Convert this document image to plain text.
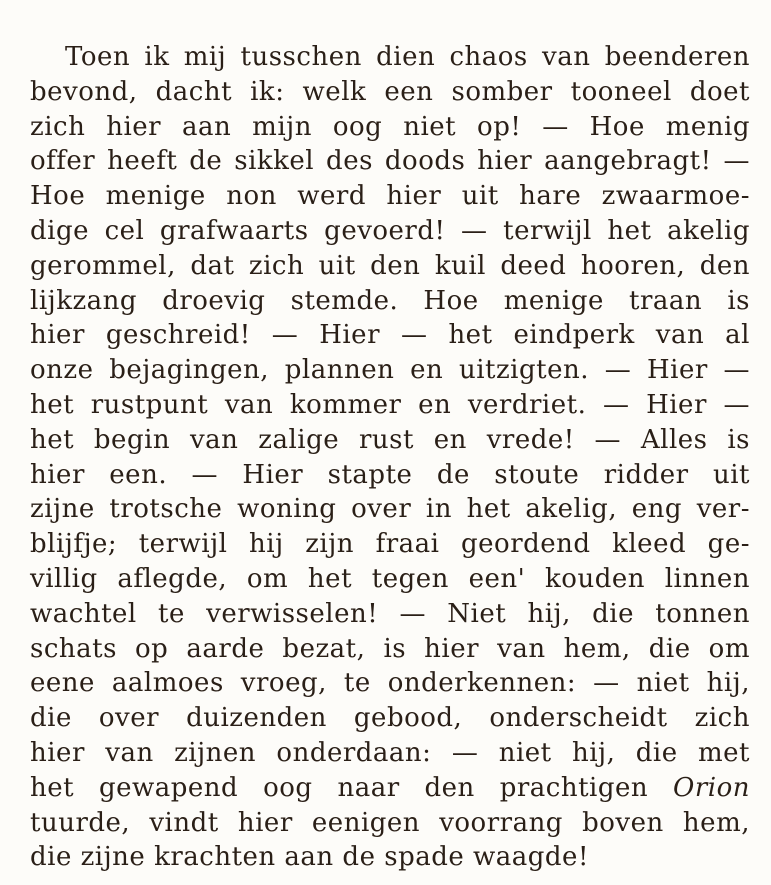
Toen ik mij tusschen dien chaos van beenderen
bevond, dacht ik: welk een somber tooneel doet
zich hier aan mijn oog niet op! — Hoe menig
offer heeft de sikkel des doods hier aangebragt! —
Hoe menige non werd hier uit hare zwaarmoe-
dige cel grafwaarts gevoerd! — terwijl het akelig
gerommel, dat zich uit den kuil deed hooren, den
lijkzang droevig stemde. Hoe menige traan is
hier geschreid! — Hier — het eindperk van al
onze bejagingen, plannen en uitzigten. — Hier —
het rustpunt van kommer en verdriet. — Hier —
het begin van zalige rust en vrede! — Alles is
hier een. — Hier stapte de stoute ridder uit
zijne trotsche woning over in het akelig, eng ver-
blijfje; terwijl hij zijn fraai geordend kleed ge-
villig aflegde, om het tegen een' kouden linnen
wachtel te verwisselen! — Niet hij, die tonnen
schats op aarde bezat, is hier van hem, die om
eene aalmoes vroeg, te onderkennen: — niet hij,
die over duizenden gebood, onderscheidt zich
hier van zijnen onderdaan: — niet hij, die met
het gewapend oog naar den prachtigen Orion
tuurde, vindt hier eenigen voorrang boven hem,
die zijne krachten aan de spade waagde!
